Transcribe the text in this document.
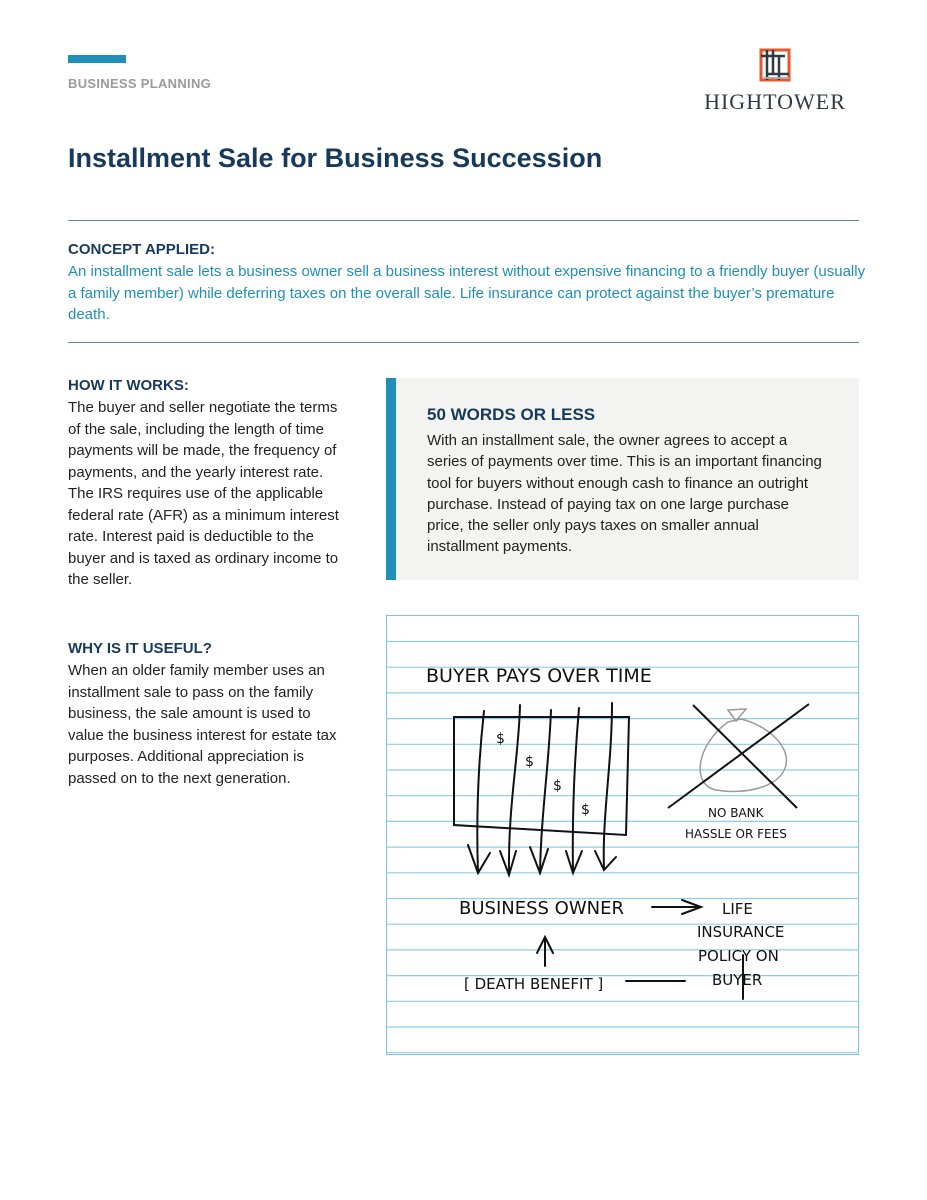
BUSINESS PLANNING
HIGHTOWER
Installment Sale for Business Succession
CONCEPT APPLIED:
An installment sale lets a business owner sell a business interest without expensive financing to a friendly buyer (usually a family member) while deferring taxes on the overall sale. Life insurance can protect against the buyer’s premature death.
HOW IT WORKS:
The buyer and seller negotiate the terms of the sale, including the length of time payments will be made, the frequency of payments, and the yearly interest rate. The IRS requires use of the applicable federal rate (AFR) as a minimum interest rate. Interest paid is deductible to the buyer and is taxed as ordinary income to the seller.
WHY IS IT USEFUL?
When an older family member uses an installment sale to pass on the family business, the sale amount is used to value the business interest for estate tax purposes. Additional appreciation is passed on to the next generation.
50 WORDS OR LESS
With an installment sale, the owner agrees to accept a series of payments over time. This is an important financing tool for buyers without enough cash to finance an outright purchase. Instead of paying tax on one large purchase price, the seller only pays taxes on smaller annual installment payments.
BUYER PAYS OVER TIME
$
$
$
$	NO BANK
HASSLE OR FEES
BUSINESS OWNER	LIFE
INSURANCE
POLICY ON
BUYER
[ DEATH BENEFIT ]
